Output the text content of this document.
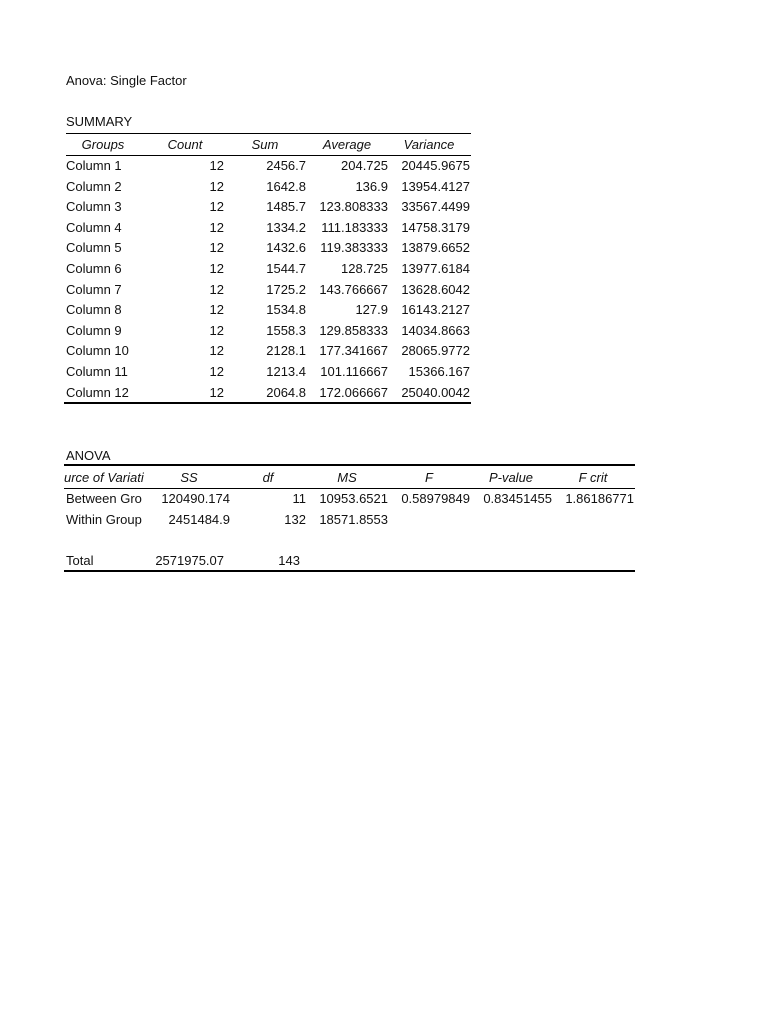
Anova: Single Factor
SUMMARY
Groups	Count	Sum	Average	Variance
Column 1	12	2456.7	204.725	20445.9675
Column 2	12	1642.8	136.9	13954.4127
Column 3	12	1485.7	123.808333	33567.4499
Column 4	12	1334.2	111.183333	14758.3179
Column 5	12	1432.6	119.383333	13879.6652
Column 6	12	1544.7	128.725	13977.6184
Column 7	12	1725.2	143.766667	13628.6042
Column 8	12	1534.8	127.9	16143.2127
Column 9	12	1558.3	129.858333	14034.8663
Column 10	12	2128.1	177.341667	28065.9772
Column 11	12	1213.4	101.116667	15366.167
Column 12	12	2064.8	172.066667	25040.0042
ANOVA
urce of Variati	SS	df	MS	F	P-value	F crit
Between Gro	120490.174	11	10953.6521	0.58979849	0.83451455	1.86186771
Within Group	2451484.9	132	18571.8553
Total	2571975.07	143
